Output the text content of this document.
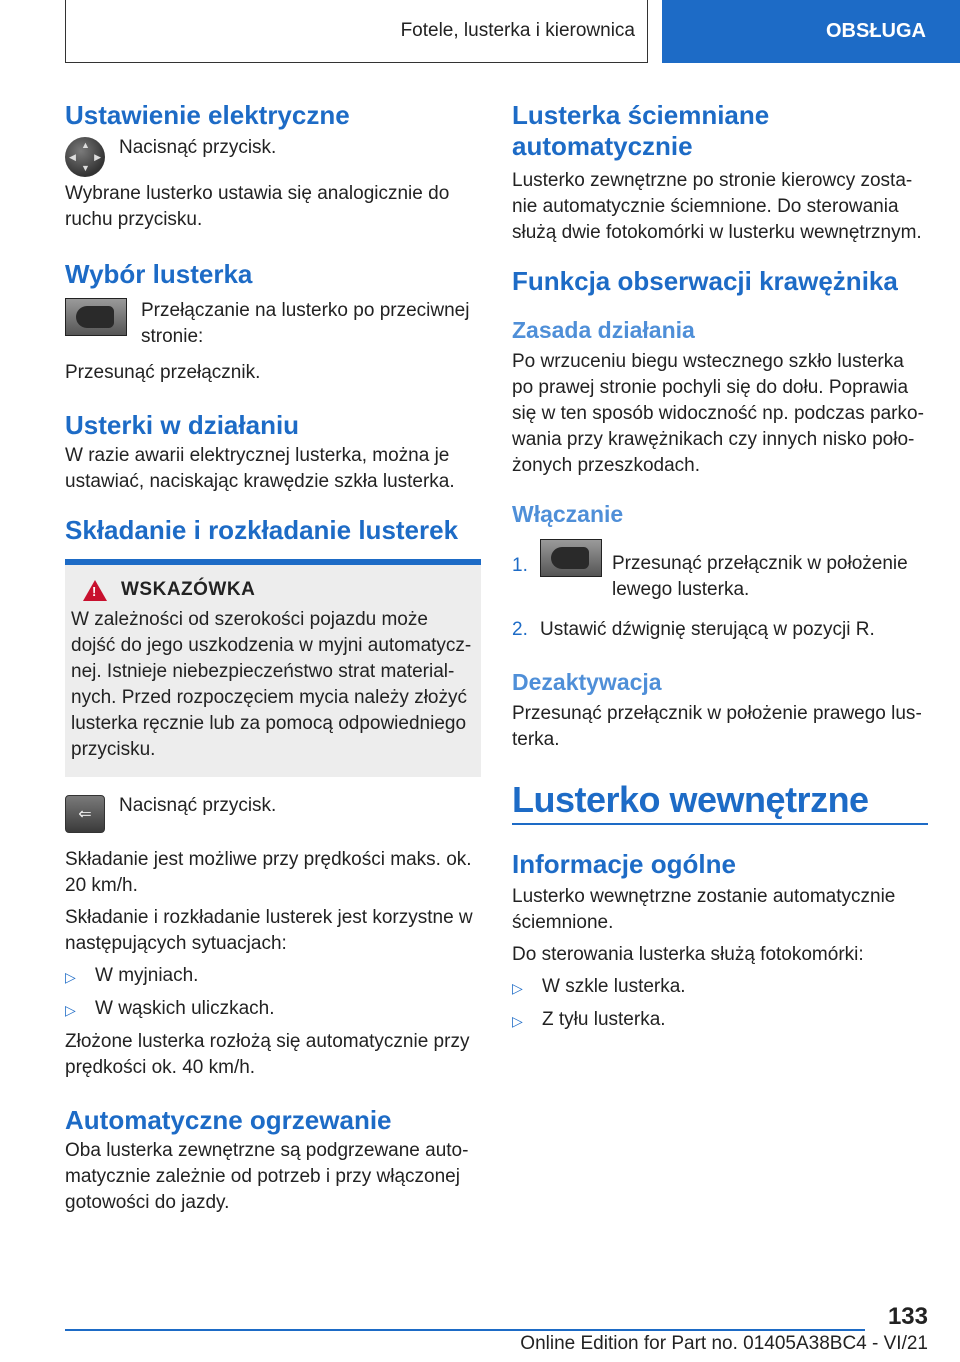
Fotele, lusterka i kierownica	OBSŁUGA
Ustawienie elektryczne
▲
▼
◀ ▶ Nacisnąć przycisk.

Wybrane lusterko ustawia się analogicznie do ruchu przycisku.

Wybór lusterka

Przełączanie na lusterko po przeciwnej stronie:

Przesunąć przełącznik.

Usterki w działaniu

W razie awarii elektrycznej lusterka, można je ustawiać, naciskając krawędzie szkła lusterka.

Składanie i rozkładanie lusterek
!
WSKAZÓWKA

W zależności od szerokości pojazdu może dojść do jego uszkodzenia w myjni automatycznej. Istnieje niebezpieczeństwo strat materialnych. Przed rozpoczęciem mycia należy złożyć lusterka ręcznie lub za pomocą odpowiedniego przycisku.

⇐	Nacisnąć przycisk.

Składanie jest możliwe przy prędkości maks. ok. 20 km/h.

Składanie i rozkładanie lusterek jest korzystne w następujących sytuacjach:

▷ W myjniach.
▷ W wąskich uliczkach.

Złożone lusterka rozłożą się automatycznie przy prędkości ok. 40 km/h.

Automatyczne ogrzewanie

Oba lusterka zewnętrzne są podgrzewane automatycznie zależnie od potrzeb i przy włączonej gotowości do jazdy.

Lusterka ściemniane automatycznie

Lusterko zewnętrzne po stronie kierowcy zostanie automatycznie ściemnione. Do sterowania służą dwie fotokomórki w lusterku wewnętrznym.

Funkcja obserwacji krawężnika
Zasada działania

Po wrzuceniu biegu wstecznego szkło lusterka po prawej stronie pochyli się do dołu. Poprawia się w ten sposób widoczność np. podczas parkowania przy krawężnikach czy innych nisko położonych przeszkodach.

Włączanie
1.	Przesunąć przełącznik w położenie lewego lusterka.

2. Ustawić dźwignię sterującą w pozycji R.

Dezaktywacja

Przesunąć przełącznik w położenie prawego lusterka.

Lusterko wewnętrzne

Informacje ogólne

Lusterko wewnętrzne zostanie automatycznie ściemnione.

Do sterowania lusterka służą fotokomórki:

▷ W szkle lusterka.
▷ Z tyłu lusterka.
133
Online Edition for Part no. 01405A38BC4 - VI/21
